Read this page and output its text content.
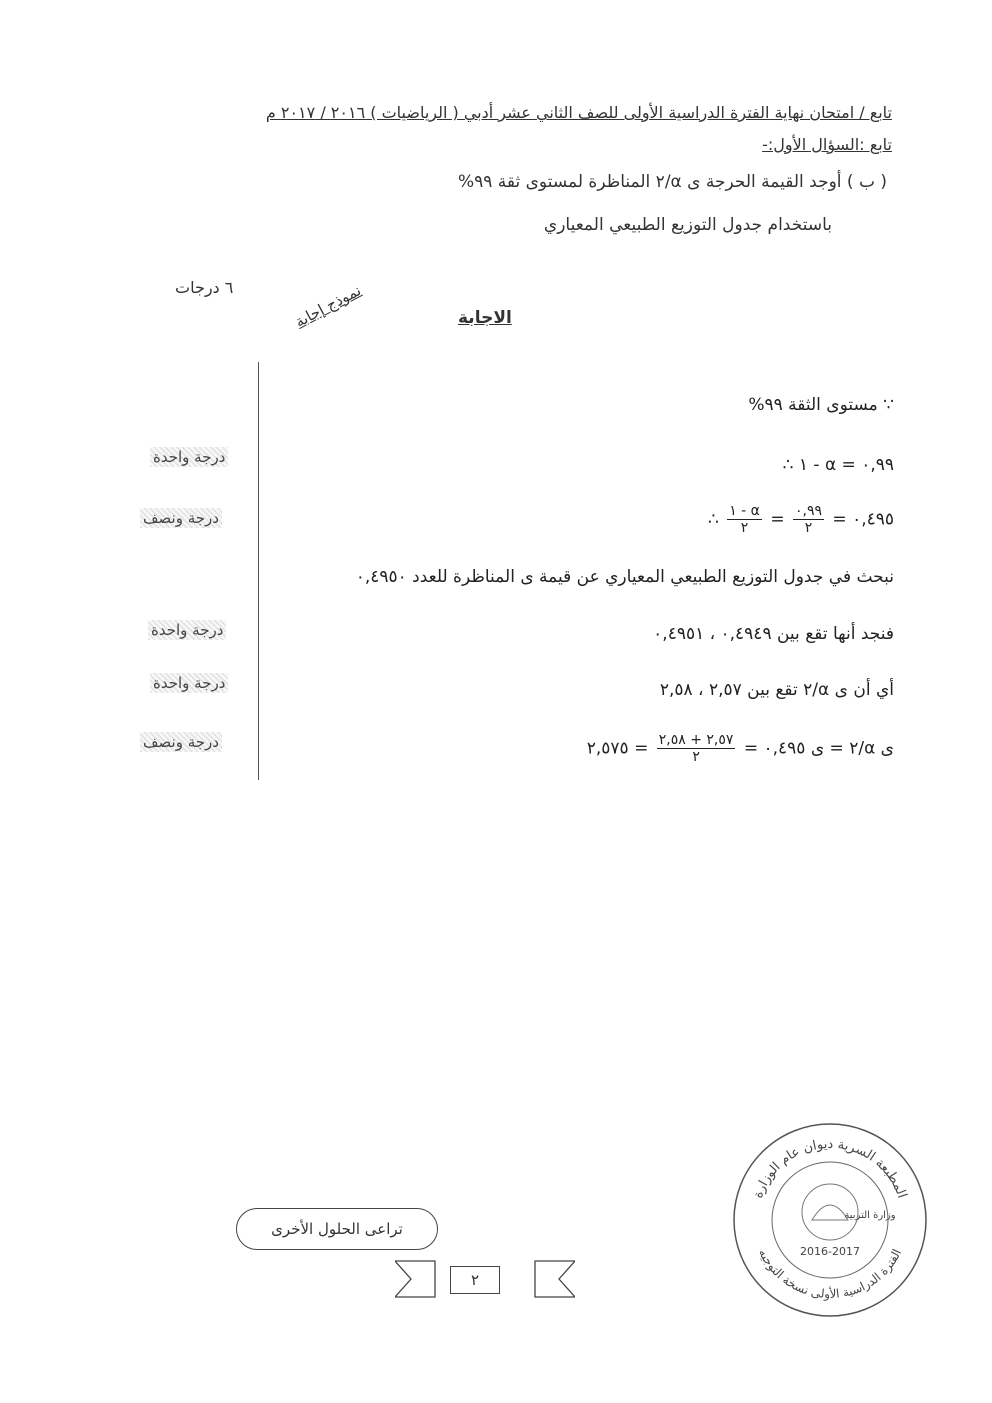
تابع / امتحان نهاية الفترة الدراسية الأولى للصف الثاني عشر أدبي ( الرياضيات ) ٢٠١٦ / ٢٠١٧ م
تابع :السؤال الأول:-
( ب ) أوجد القيمة الحرجة ى α/٢ المناظرة لمستوى ثقة ٩٩%
باستخدام جدول التوزيع الطبيعي المعياري
٦ درجات
الاجابة
نموذج إجابة
∵ مستوى الثقة ٩٩%
∴ ١ - α = ٠,٩٩
درجة واحدة
∴ $\frac{١ - \alpha}{٢} = \frac{٠,٩٩}{٢}$ = ٠,٤٩٥
درجة ونصف
نبحث في جدول التوزيع الطبيعي المعياري عن قيمة ى المناظرة للعدد ٠,٤٩٥٠
فنجد أنها تقع بين ٠,٤٩٤٩ ، ٠,٤٩٥١
درجة واحدة
أي أن ى α/٢ تقع بين ٢,٥٧ ، ٢,٥٨
درجة واحدة
ى α/٢ = ى ٠,٤٩٥ =
$\frac{٢,٥٧ + ٢,٥٨}{٢}$
= ٢,٥٧٥
درجة ونصف
تراعى الحلول الأخرى
٢
المطبعة السرية ديوان عام الوزارة
الفترة الدراسية الأولى نسخة التوجيه
وزارة التربية
2016-2017
